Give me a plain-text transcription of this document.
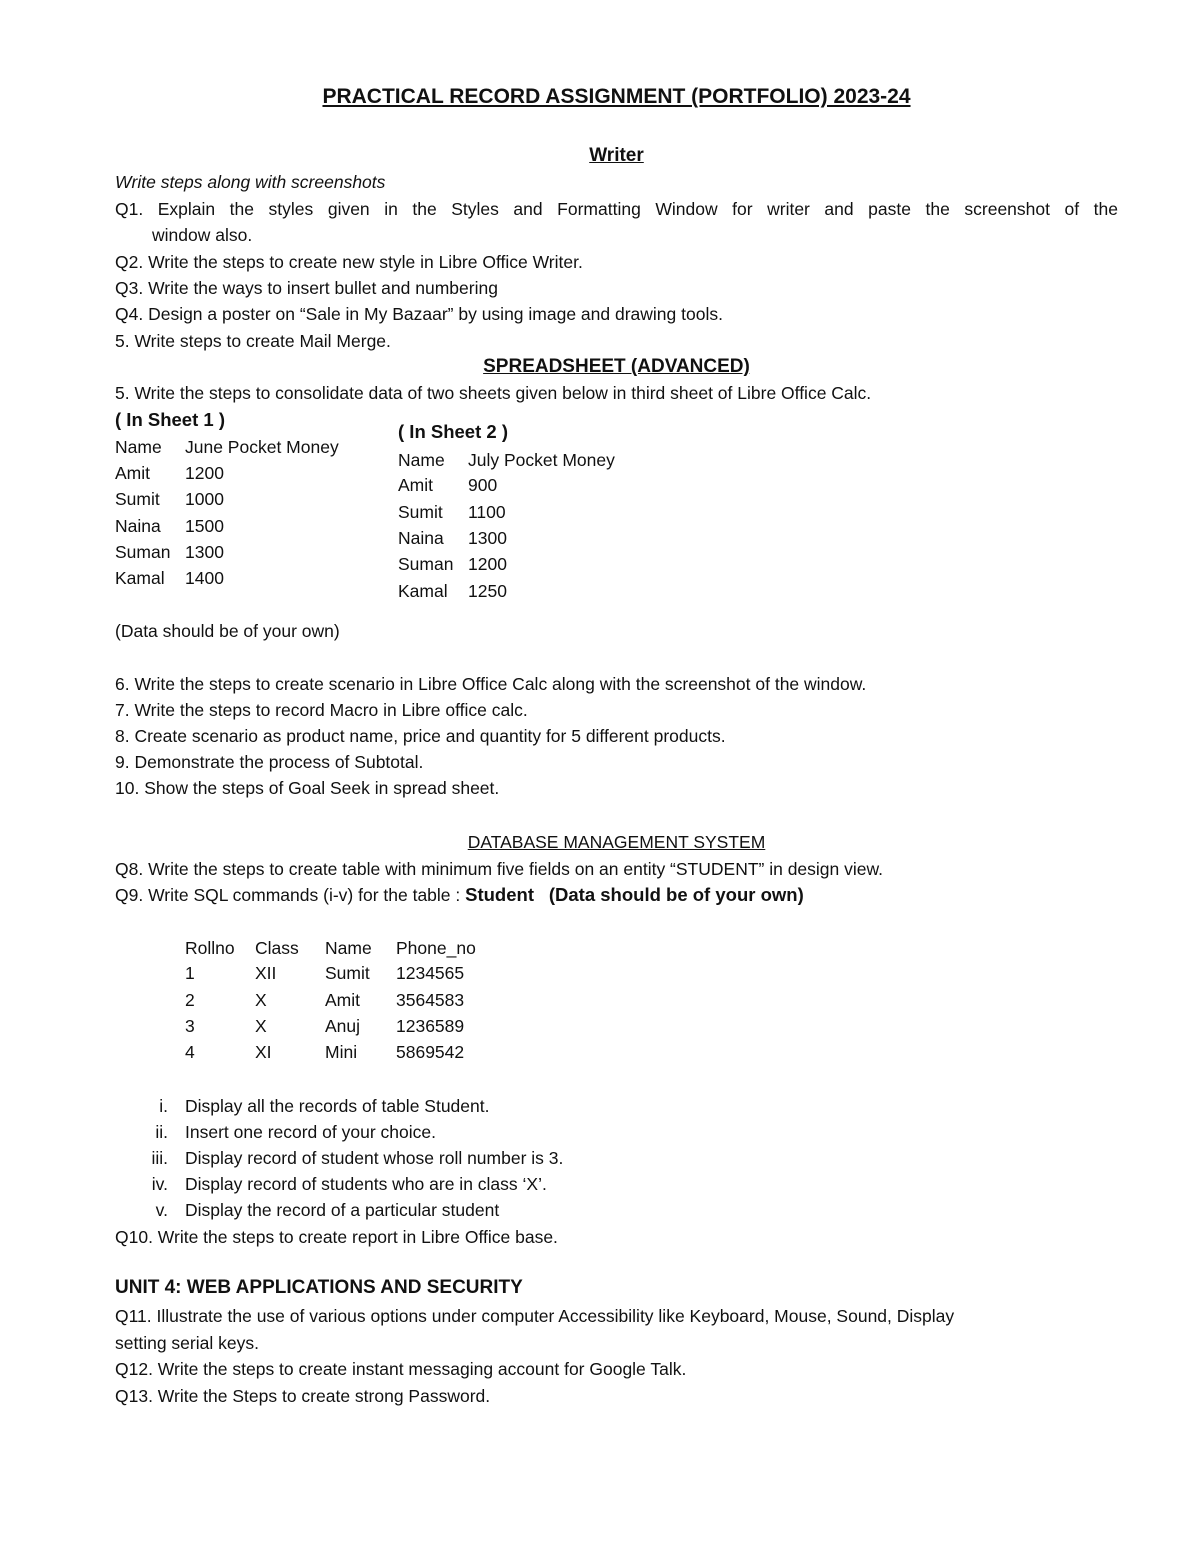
PRACTICAL RECORD ASSIGNMENT (PORTFOLIO) 2023-24
Writer
Write steps along with screenshots
Q1. Explain the styles given in the Styles and Formatting Window for writer and paste the screenshot of the
window also.
Q2. Write the steps to create new style in Libre Office Writer.
Q3. Write the ways to insert bullet and numbering
Q4. Design a poster on “Sale in My Bazaar” by using image and drawing tools.
5. Write steps to create Mail Merge.
SPREADSHEET (ADVANCED)
5. Write the steps to consolidate data of two sheets given below in third sheet of Libre Office Calc.
( In Sheet 1 )
Name June Pocket Money
Amit 1200
Sumit 1000
Naina 1500
Suman 1300
Kamal 1400
( In Sheet 2 )
Name July Pocket Money
Amit 900
Sumit 1100
Naina 1300
Suman 1200
Kamal 1250
(Data should be of your own)
6. Write the steps to create scenario in Libre Office Calc along with the screenshot of the window.
7. Write the steps to record Macro in Libre office calc.
8. Create scenario as product name, price and quantity for 5 different products.
9. Demonstrate the process of Subtotal.
10. Show the steps of Goal Seek in spread sheet.
DATABASE MANAGEMENT SYSTEM
Q8. Write the steps to create table with minimum five fields on an entity “STUDENT” in design view.
Q9. Write SQL commands (i-v) for the table : Student (Data should be of your own)
Rollno Class Name Phone_no
1	XII	Sumit 1234565
2	X	Amit 3564583
3	X	Anuj 1236589
4	XI	Mini 5869542
i. Display all the records of table Student.
ii. Insert one record of your choice.
iii. Display record of student whose roll number is 3.
iv. Display record of students who are in class ‘X’.
v. Display the record of a particular student
Q10. Write the steps to create report in Libre Office base.
UNIT 4: WEB APPLICATIONS AND SECURITY
Q11. Illustrate the use of various options under computer Accessibility like Keyboard, Mouse, Sound, Display
setting serial keys.
Q12. Write the steps to create instant messaging account for Google Talk.
Q13. Write the Steps to create strong Password.
